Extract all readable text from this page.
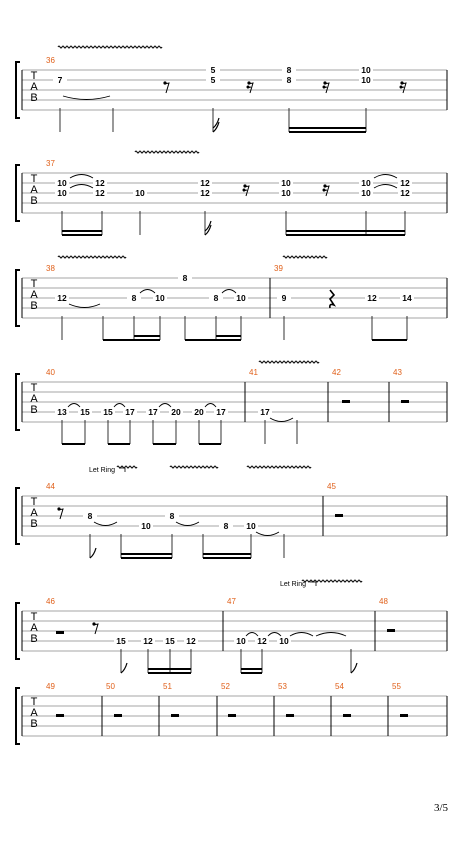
T
A
B
36
7
5
5
8
8
10
10
T
A
B
37
10
10
12
12	10
12
12
10
10
10
10
12
12
T
A
B
38
12	8 10
8
8 10
39
9	12	14
T
A
B
40
13 15 15 17 17 20 20 17
41
17
42	43
T
A
B
44
8
10
8
8 10
45
T
A
B
46
15 12 15 12
47
10 12 10
48
T
A
B
49	50	51	52	53	54	55
Let Ring
Let Ring
3/5
